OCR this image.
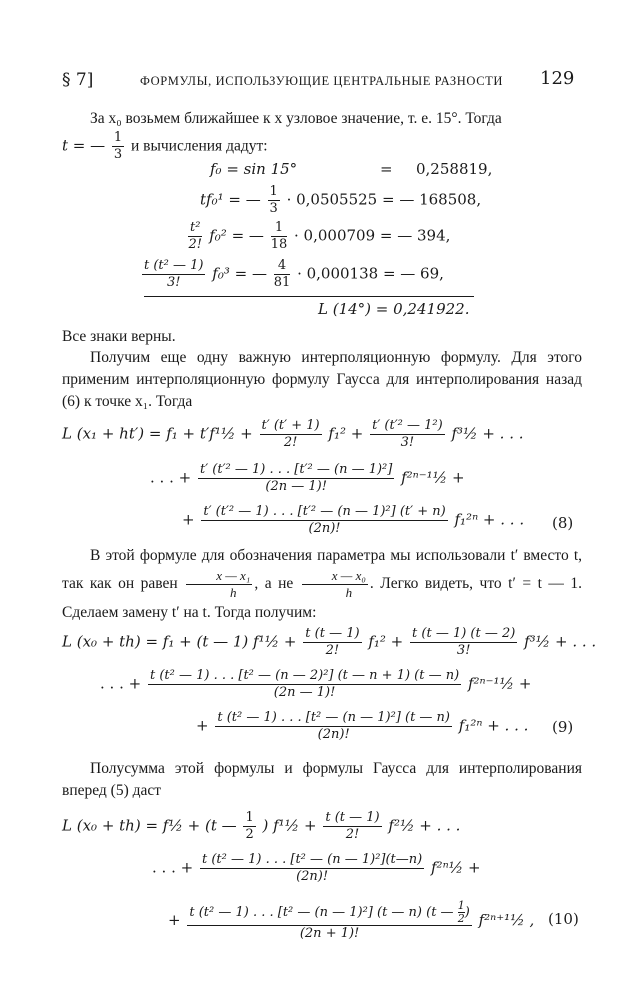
§ 7]	ФОРМУЛЫ, ИСПОЛЬЗУЮЩИЕ ЦЕНТРАЛЬНЫЕ РАЗНОСТИ 129
За x₀ возьмем ближайшее к x узловое значение, т. е. 15°. Тогда
t = — $\frac{1}{3}$ и вычисления дадут:
f₀ = sin 15°	= 0,258819,
tf₀¹ = — $\frac{1}{3} \cdot 0,0505525$ = — 168508,
$\frac{\text{t²}}{2!} f_0^2$ = — $\frac{1}{18} \cdot 0,000709$ = — 394,
$\frac{\text{t (t² — 1)}}{3!} f_0^3$ = — $\frac{4}{81} \cdot 0,000138$ = — 69,
L (14°) = 0,241922.
Все знаки верны.
Получим еще одну важную интерполяционную формулу. Для этого применим интерполяционную формулу Гаусса для интерполирования назад (6) к точке x₁. Тогда
L (x₁ + ht′) = f₁ + t′f¹½ + $\frac{t' (t' + 1)}{2!} f_1^2 + \frac{\text{t′ (t′² — 1²)}}{3!}$ f³½ + . . .
. . . + $\frac{\text{t′ (t′² — 1) . . . [t′² — (n — 1)²]}}{(2n — 1)!}$ f²ⁿ⁻¹½ +
+ $\frac{\text{t′ (t′² — 1) . . . [t′² — (n — 1)²] (t′ + n)}}{(2n)!} f_1^{2n}$ + . . . (8)
В этой формуле для обозначения параметра мы использовали t′ вместо t, так как он равен $\frac{\text{x — x₁}}{h}$ , а не $\frac{\text{x — x₀}}{h}$ . Легко видеть, что t′ = t — 1. Сделаем замену t′ на t. Тогда получим:
L (x₀ + th) = f₁ + (t — 1) f¹½ + $\frac{t (t — 1)}{2!} f_1^2 + \frac{t (t — 1) (t — 2)}{3!}$ f³½ + . . .
. . . + $\frac{\text{t (t² — 1) . . . [t² — (n — 2)²] (t — n + 1) (t — n)}}{(2n — 1)!}$ f²ⁿ⁻¹½ +
+ $\frac{\text{t (t² — 1) . . . [t² — (n — 1)²] (t — n)}}{(2n)!} f_1^{2n}$ + . . . (9)
Полусумма этой формулы и формулы Гаусса для интерполирования вперед (5) даст
L (x₀ + th) = f½ + (t — $\frac{1}{2}$ ) f¹½ + $\frac{t (t — 1)}{2!}$ f²½ + . . .
. . . + $\frac{\text{t (t² — 1) . . . [t² — (n — 1)²](t—n)}}{(2n)!}$ f²ⁿ½ +
+ $\frac{t (t^2 — 1) . . . [t^2 — (n — 1)^2] (t — n) (t — \frac{1}{2} )}{(2n + 1)!}$ f²ⁿ⁺¹½ , (10)
